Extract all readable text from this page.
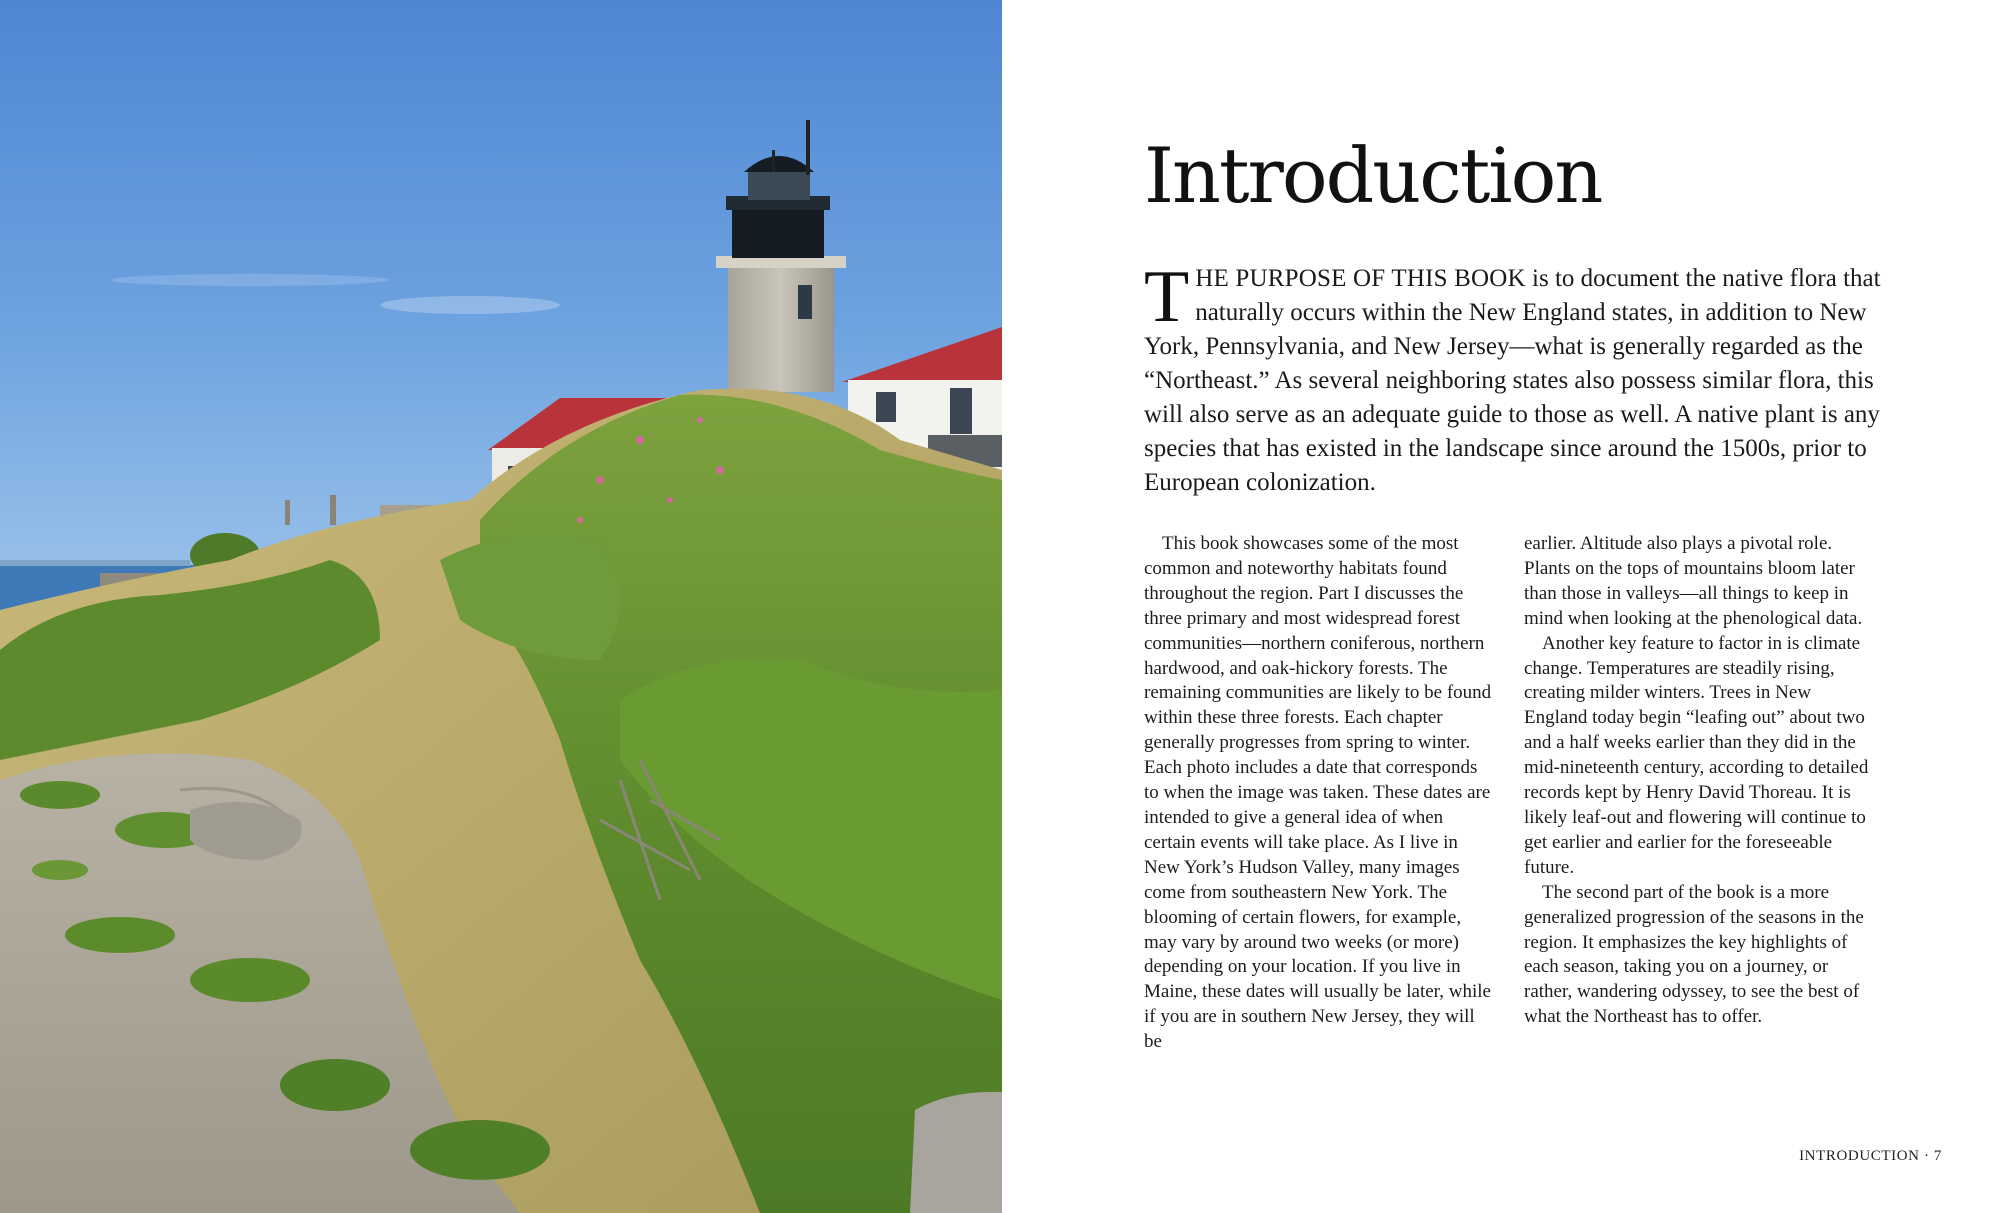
Introduction

THE PURPOSE OF THIS BOOK is to document the native flora that naturally occurs within the New England states, in addition to New York, Pennsylvania, and New Jersey—what is generally regarded as the “Northeast.” As several neighboring states also possess similar flora, this will also serve as an adequate guide to those as well. A native plant is any species that has existed in the landscape since around the 1500s, prior to European colonization.

This book showcases some of the most common and noteworthy habitats found throughout the region. Part I discusses the three primary and most widespread forest communities—northern coniferous, northern hardwood, and oak-hickory forests. The remaining communities are likely to be found within these three forests. Each chapter generally progresses from spring to winter. Each photo includes a date that corresponds to when the image was taken. These dates are intended to give a general idea of when certain events will take place. As I live in New York’s Hudson Valley, many images come from southeastern New York. The blooming of certain flowers, for example, may vary by around two weeks (or more) depending on your location. If you live in Maine, these dates will usually be later, while if you are in southern New Jersey, they will be

earlier. Altitude also plays a pivotal role. Plants on the tops of mountains bloom later than those in valleys—all things to keep in mind when looking at the phenological data.

Another key feature to factor in is climate change. Temperatures are steadily rising, creating milder winters. Trees in New England today begin “leafing out” about two and a half weeks earlier than they did in the mid-nineteenth century, according to detailed records kept by Henry David Thoreau. It is likely leaf-out and flowering will continue to get earlier and earlier for the foreseeable future.

The second part of the book is a more generalized progression of the seasons in the region. It emphasizes the key highlights of each season, taking you on a journey, or rather, wandering odyssey, to see the best of what the Northeast has to offer.

INTRODUCTION · 7
